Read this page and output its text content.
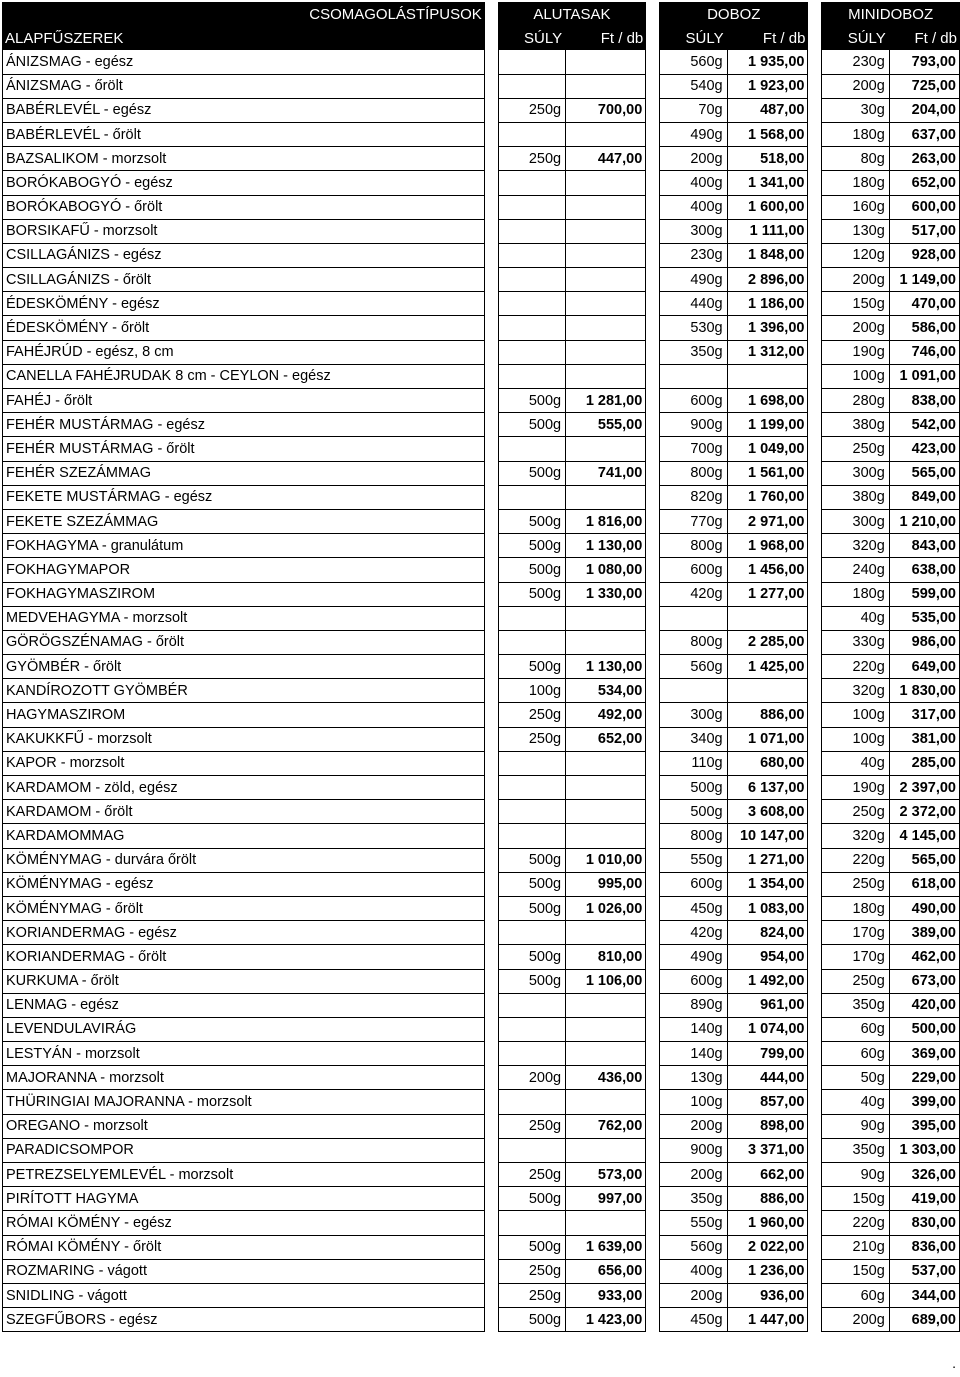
CSOMAGOLÁSTÍPUSOK		ALUTASAK			DOBOZ			MINIDOBOZ	
ALAPFŰSZEREK		SÚLY	Ft / db		SÚLY	Ft / db		SÚLY	Ft / db
ÁNIZSMAG - egész					560g	1 935,00		230g	793,00
ÁNIZSMAG - őrölt					540g	1 923,00		200g	725,00
BABÉRLEVÉL - egész		250g	700,00		70g	487,00		30g	204,00
BABÉRLEVÉL - őrölt					490g	1 568,00		180g	637,00
BAZSALIKOM - morzsolt		250g	447,00		200g	518,00		80g	263,00
BORÓKABOGYÓ - egész					400g	1 341,00		180g	652,00
BORÓKABOGYÓ - őrölt					400g	1 600,00		160g	600,00
BORSIKAFŰ - morzsolt					300g	1 111,00		130g	517,00
CSILLAGÁNIZS - egész					230g	1 848,00		120g	928,00
CSILLAGÁNIZS - őrölt					490g	2 896,00		200g	1 149,00
ÉDESKÖMÉNY - egész					440g	1 186,00		150g	470,00
ÉDESKÖMÉNY - őrölt					530g	1 396,00		200g	586,00
FAHÉJRÚD - egész, 8 cm					350g	1 312,00		190g	746,00
CANELLA FAHÉJRUDAK 8 cm - CEYLON - egész								100g	1 091,00
FAHÉJ - őrölt		500g	1 281,00		600g	1 698,00		280g	838,00
FEHÉR MUSTÁRMAG - egész		500g	555,00		900g	1 199,00		380g	542,00
FEHÉR MUSTÁRMAG - őrölt					700g	1 049,00		250g	423,00
FEHÉR SZEZÁMMAG		500g	741,00		800g	1 561,00		300g	565,00
FEKETE MUSTÁRMAG - egész					820g	1 760,00		380g	849,00
FEKETE SZEZÁMMAG		500g	1 816,00		770g	2 971,00		300g	1 210,00
FOKHAGYMA - granulátum		500g	1 130,00		800g	1 968,00		320g	843,00
FOKHAGYMAPOR		500g	1 080,00		600g	1 456,00		240g	638,00
FOKHAGYMASZIROM		500g	1 330,00		420g	1 277,00		180g	599,00
MEDVEHAGYMA - morzsolt								40g	535,00
GÖRÖGSZÉNAMAG - őrölt					800g	2 285,00		330g	986,00
GYÖMBÉR - őrölt		500g	1 130,00		560g	1 425,00		220g	649,00
KANDÍROZOTT GYÖMBÉR		100g	534,00					320g	1 830,00
HAGYMASZIROM		250g	492,00		300g	886,00		100g	317,00
KAKUKKFŰ - morzsolt		250g	652,00		340g	1 071,00		100g	381,00
KAPOR - morzsolt					110g	680,00		40g	285,00
KARDAMOM - zöld, egész					500g	6 137,00		190g	2 397,00
KARDAMOM - őrölt					500g	3 608,00		250g	2 372,00
KARDAMOMMAG					800g	10 147,00		320g	4 145,00
KÖMÉNYMAG - durvára őrölt		500g	1 010,00		550g	1 271,00		220g	565,00
KÖMÉNYMAG - egész		500g	995,00		600g	1 354,00		250g	618,00
KÖMÉNYMAG - őrölt		500g	1 026,00		450g	1 083,00		180g	490,00
KORIANDERMAG - egész					420g	824,00		170g	389,00
KORIANDERMAG - őrölt		500g	810,00		490g	954,00		170g	462,00
KURKUMA - őrölt		500g	1 106,00		600g	1 492,00		250g	673,00
LENMAG - egész					890g	961,00		350g	420,00
LEVENDULAVIRÁG					140g	1 074,00		60g	500,00
LESTYÁN - morzsolt					140g	799,00		60g	369,00
MAJORANNA - morzsolt		200g	436,00		130g	444,00		50g	229,00
THÜRINGIAI MAJORANNA - morzsolt					100g	857,00		40g	399,00
OREGANO - morzsolt		250g	762,00		200g	898,00		90g	395,00
PARADICSOMPOR					900g	3 371,00		350g	1 303,00
PETREZSELYEMLEVÉL - morzsolt		250g	573,00		200g	662,00		90g	326,00
PIRÍTOTT HAGYMA		500g	997,00		350g	886,00		150g	419,00
RÓMAI KÖMÉNY - egész					550g	1 960,00		220g	830,00
RÓMAI KÖMÉNY - őrölt		500g	1 639,00		560g	2 022,00		210g	836,00
ROZMARING - vágott		250g	656,00		400g	1 236,00		150g	537,00
SNIDLING - vágott		250g	933,00		200g	936,00		60g	344,00
SZEGFŰBORS - egész		500g	1 423,00		450g	1 447,00		200g	689,00
.
